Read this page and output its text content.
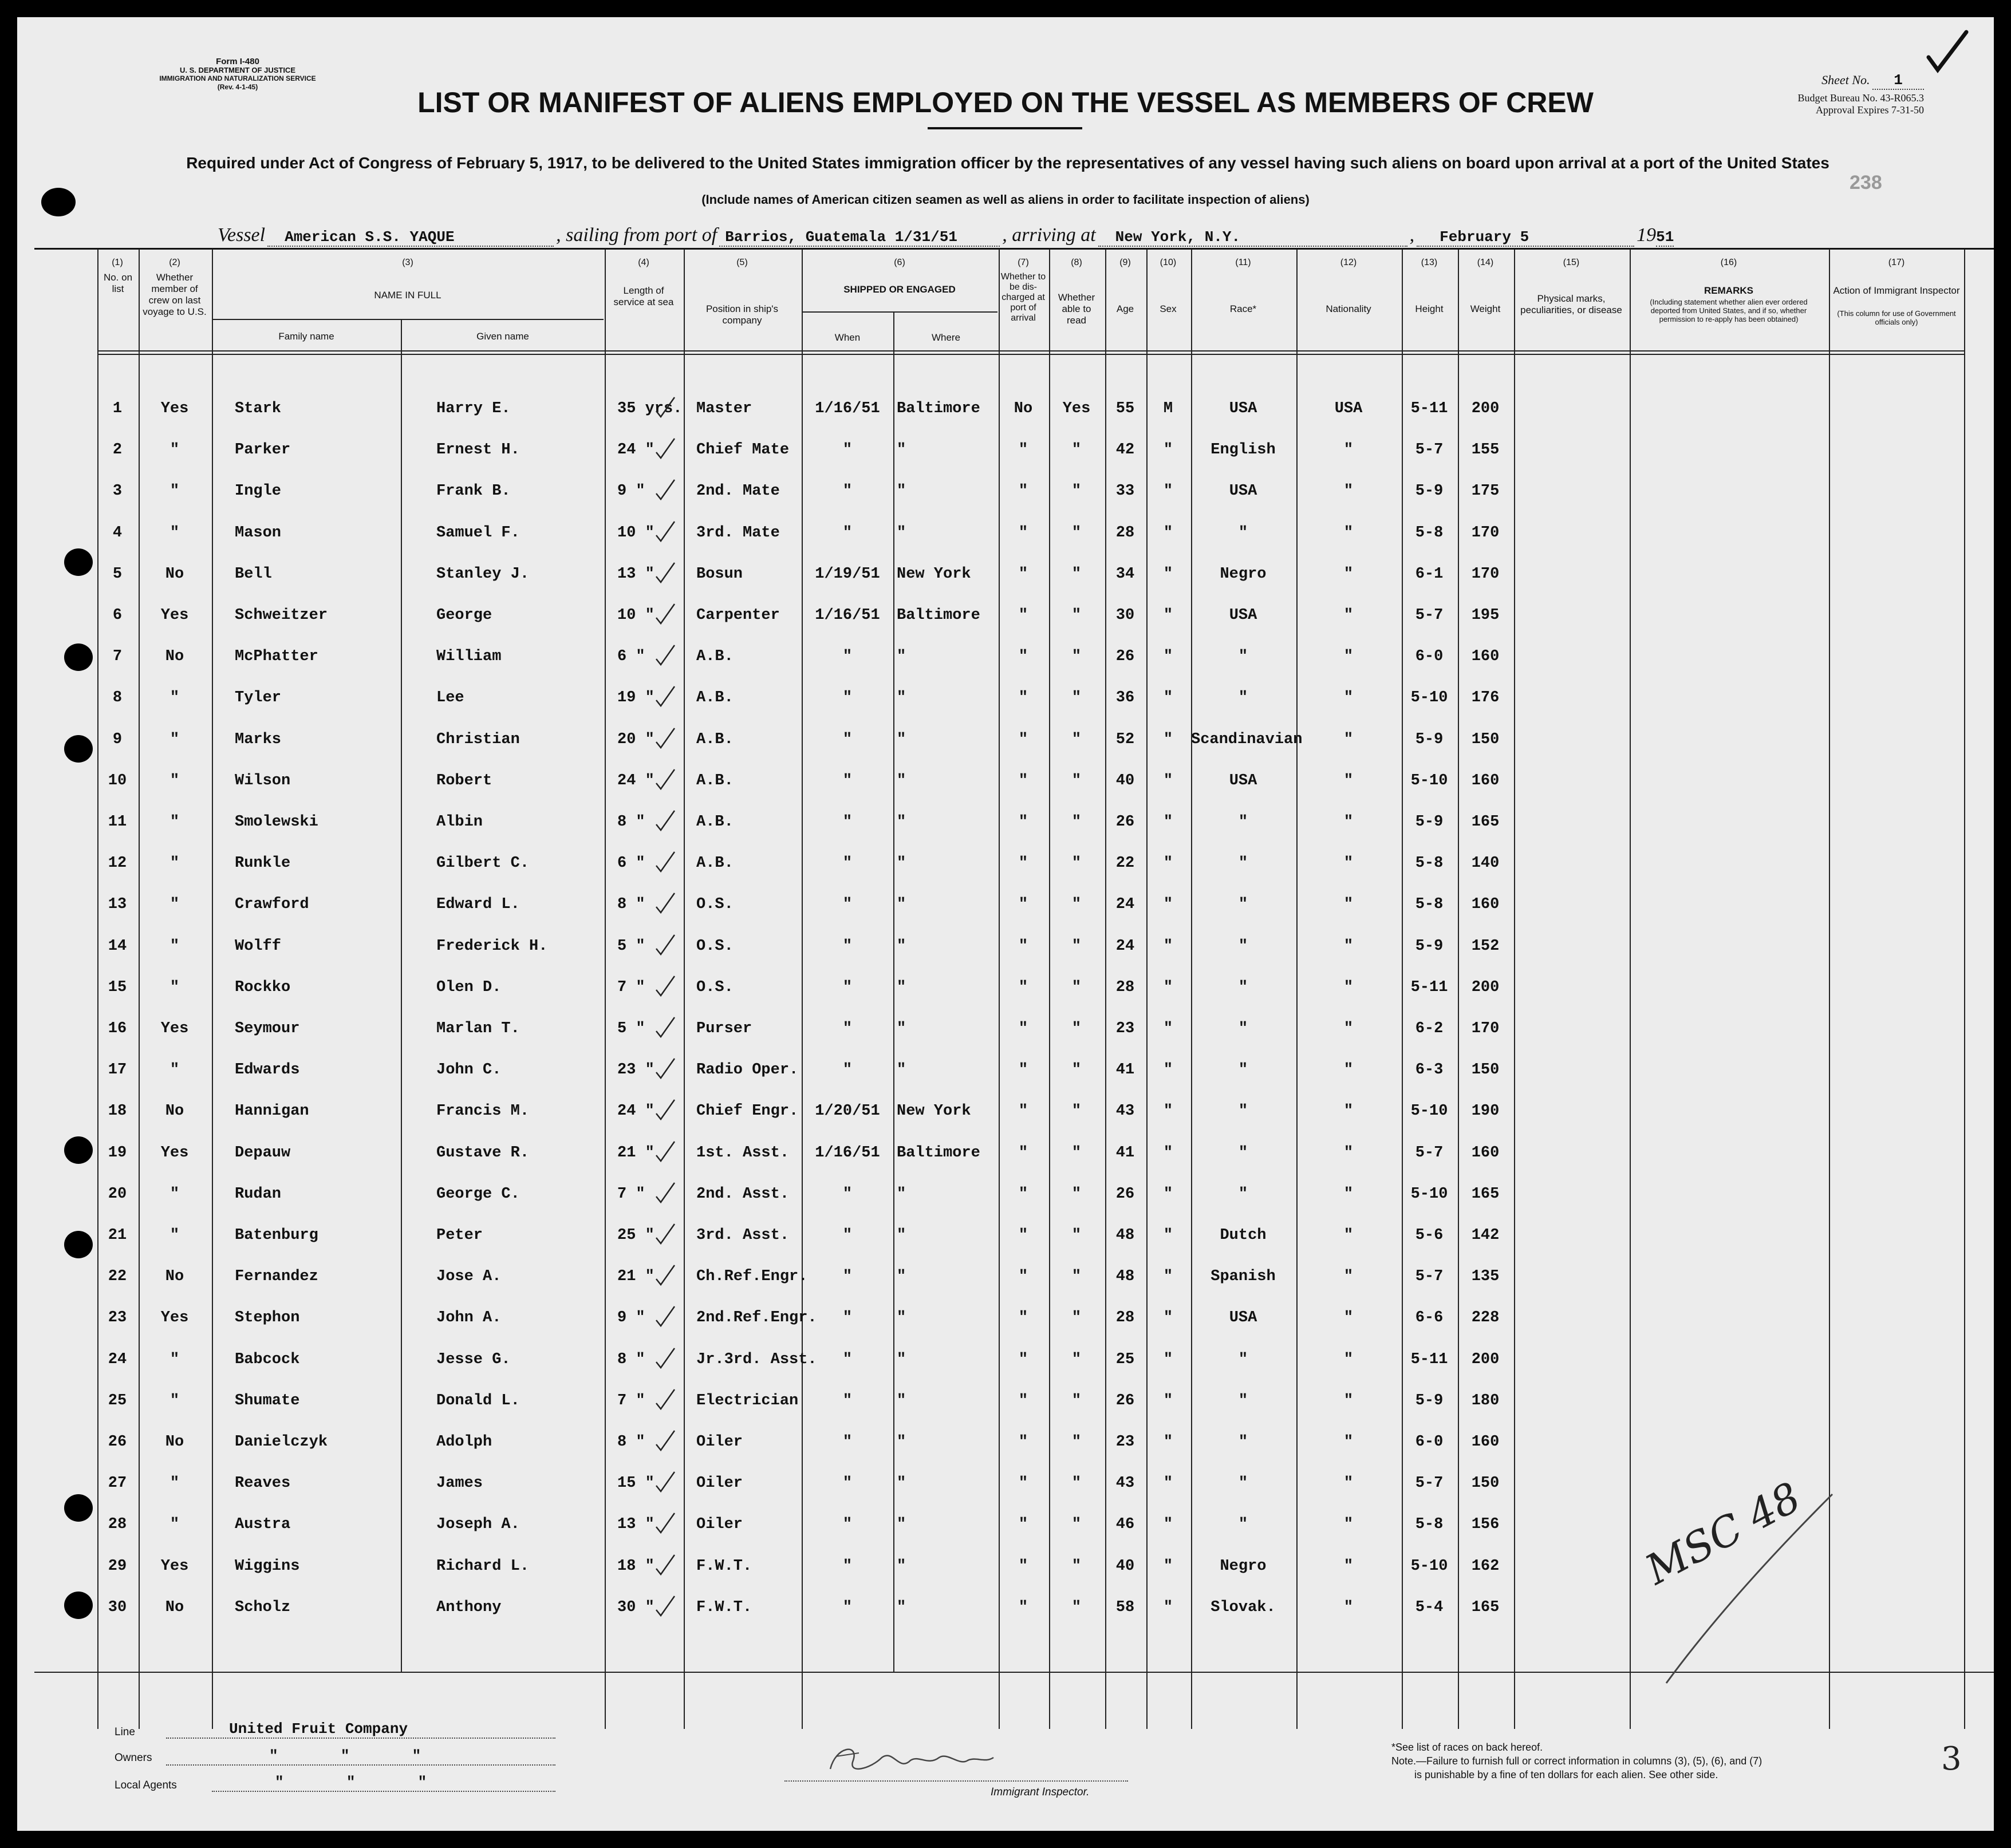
Form I-480
U. S. DEPARTMENT OF JUSTICE
IMMIGRATION AND NATURALIZATION SERVICE
(Rev. 4-1-45)	Sheet No. 1
Budget Bureau No. 43-R065.3
Approval Expires 7-31-50
238
LIST OR MANIFEST OF ALIENS EMPLOYED ON THE VESSEL AS MEMBERS OF CREW
Required under Act of Congress of February 5, 1917, to be delivered to the United States immigration officer by the representatives of any vessel having such aliens on board upon arrival at a port of the United States
(Include names of American citizen seamen as well as aliens in order to facilitate inspection of aliens)
Vessel American S.S. YAQUE	, sailing from port of Barrios, Guatemala 1/31/51 , arriving at New York, N.Y.	, February 5	1951
(1)
No. on list
(2)
Whether member of crew on last voyage to U.S.
(3)
NAME IN FULL
Family name	Given name
(4)
Length of service at sea
(5)
Position in ship's company
(6)
SHIPPED OR ENGAGED
When	Where
(7)
Whether to be dis-charged at port of arrival
(8)
Whether able to read
(9)
Age
(10)
Sex
(11)
Race*
(12)
Nationality
(13)
Height
(14)
Weight
(15)
Physical marks, peculiarities, or disease
(16)
REMARKS
(Including statement whether alien ever ordered deported from United States, and if so, whether permission to re-apply has been obtained)
(17)
Action of Immigrant Inspector
(This column for use of Government officials only)
1	Yes	Stark	Harry E.	35 yrs. Master	1/16/51	Baltimore	No	Yes	55	M	USA	USA	5-11	200
2	"	Parker	Ernest H.	24 "	Chief Mate	"	"	"	"	42	"	English	"	5-7	155
3	"	Ingle	Frank B.	9 "	2nd. Mate	"	"	"	"	33	"	USA	"	5-9	175
4	"	Mason	Samuel F.	10 "	3rd. Mate	"	"	"	"	28	"	"	"	5-8	170
5	No	Bell	Stanley J.	13 "	Bosun	1/19/51	New York	"	"	34	"	Negro	"	6-1	170
6	Yes	Schweitzer	George	10 "	Carpenter	1/16/51	Baltimore	"	"	30	"	USA	"	5-7	195
7	No	McPhatter	William	6 "	A.B.	"	"	"	"	26	"	"	"	6-0	160
8	"	Tyler	Lee	19 "	A.B.	"	"	"	"	36	"	"	"	5-10	176
9	"	Marks	Christian	20 "	A.B.	"	"	"	"	52	"	Scandinavian	"	5-9	150
10	"	Wilson	Robert	24 "	A.B.	"	"	"	"	40	"	USA	"	5-10	160
11	"	Smolewski	Albin	8 "	A.B.	"	"	"	"	26	"	"	"	5-9	165
12	"	Runkle	Gilbert C.	6 "	A.B.	"	"	"	"	22	"	"	"	5-8	140
13	"	Crawford	Edward L.	8 "	O.S.	"	"	"	"	24	"	"	"	5-8	160
14	"	Wolff	Frederick H.	5 "	O.S.	"	"	"	"	24	"	"	"	5-9	152
15	"	Rockko	Olen D.	7 "	O.S.	"	"	"	"	28	"	"	"	5-11	200
16	Yes	Seymour	Marlan T.	5 "	Purser	"	"	"	"	23	"	"	"	6-2	170
17	"	Edwards	John C.	23 "	Radio Oper.	"	"	"	"	41	"	"	"	6-3	150
18	No	Hannigan	Francis M.	24 "	Chief Engr.	1/20/51	New York	"	"	43	"	"	"	5-10	190
19	Yes	Depauw	Gustave R.	21 "	1st. Asst.	1/16/51	Baltimore	"	"	41	"	"	"	5-7	160
20	"	Rudan	George C.	7 "	2nd. Asst.	"	"	"	"	26	"	"	"	5-10	165
21	"	Batenburg	Peter	25 "	3rd. Asst.	"	"	"	"	48	"	Dutch	"	5-6	142
22	No	Fernandez	Jose A.	21 "	Ch.Ref.Engr.	"	"	"	"	48	"	Spanish	"	5-7	135
23	Yes	Stephon	John A.	9 "	2nd.Ref.Engr.	"	"	"	"	28	"	USA	"	6-6	228
24	"	Babcock	Jesse G.	8 "	Jr.3rd. Asst.	"	"	"	"	25	"	"	"	5-11	200
25	"	Shumate	Donald L.	7 "	Electrician	"	"	"	"	26	"	"	"	5-9	180
26	No	Danielczyk	Adolph	8 "	Oiler	"	"	"	"	23	"	"	"	6-0	160
27	"	Reaves	James	15 "	Oiler	"	"	"	"	43	"	"	"	5-7	150
28	"	Austra	Joseph A.	13 "	Oiler	"	"	"	"	46	"	"	"	5-8	156
29	Yes	Wiggins	Richard L.	18 "	F.W.T.	"	"	"	"	40	"	Negro	"	5-10	162
30	No	Scholz	Anthony	30 "	F.W.T.	"	"	"	"	58	"	Slovak.	"	5-4	165
MSC 48
Line	United Fruit Company
Owners	"       "       "
Local Agents	"       "       "
Immigrant Inspector.
*See list of races on back hereof.
Note.—Failure to furnish full or correct information in columns (3), (5), (6), and (7)
is punishable by a fine of ten dollars for each alien. See other side.	3
